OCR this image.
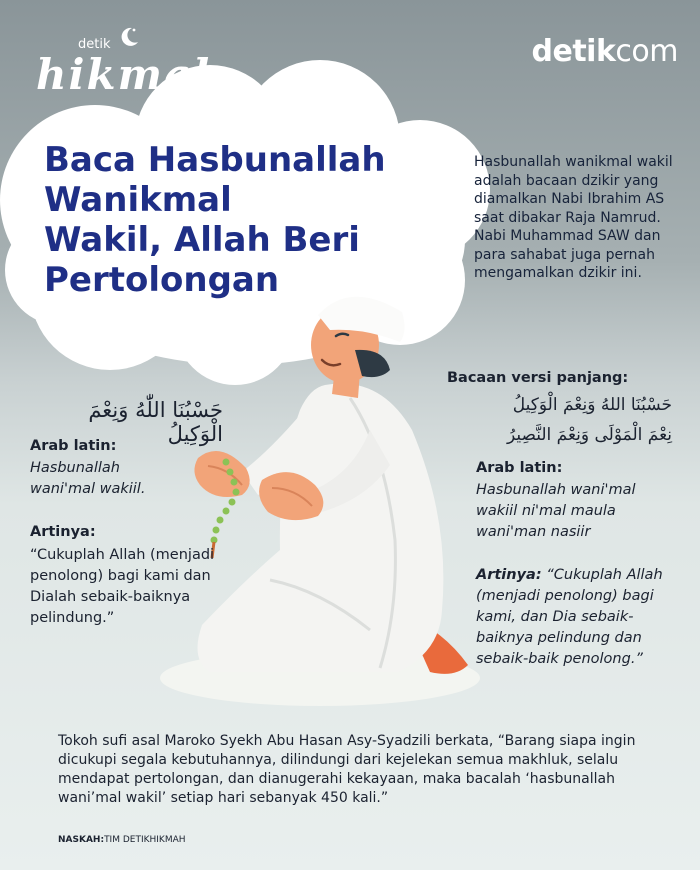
detik
hikmah	detikcom
Baca Hasbunallah
Wanikmal
Wakil, Allah Beri
Pertolongan
Hasbunallah wanikmal wakil adalah bacaan dzikir yang diamalkan Nabi Ibrahim AS saat dibakar Raja Namrud. Nabi Muhammad SAW dan para sahabat juga pernah mengamalkan dzikir ini.
حَسْبُنَا اللّٰهُ وَنِعْمَ الْوَكِيلُ
Arab latin:
Hasbunallah wani'mal wakiil.
Artinya:
“Cukuplah Allah (menjadi penolong) bagi kami dan Dialah sebaik-baiknya pelindung.”
Bacaan versi panjang:
حَسْبُنَا اللهُ وَنِعْمَ الْوَكِيلُ
نِعْمَ الْمَوْلَى وَنِعْمَ النَّصِيرُ
Arab latin:
Hasbunallah wani'mal wakiil ni'mal maula wani'man nasiir
Artinya: “Cukuplah Allah (menjadi penolong) bagi kami, dan Dia sebaik-baiknya pelindung dan sebaik-baik penolong.”
Tokoh sufi asal Maroko Syekh Abu Hasan Asy-Syadzili berkata, “Barang siapa ingin dicukupi segala kebutuhannya, dilindungi dari kejelekan semua makhluk, selalu mendapat pertolongan, dan dianugerahi kekayaan, maka bacalah ‘hasbunallah wani’mal wakil’ setiap hari sebanyak 450 kali.”
NASKAH:TIM DETIKHIKMAH
